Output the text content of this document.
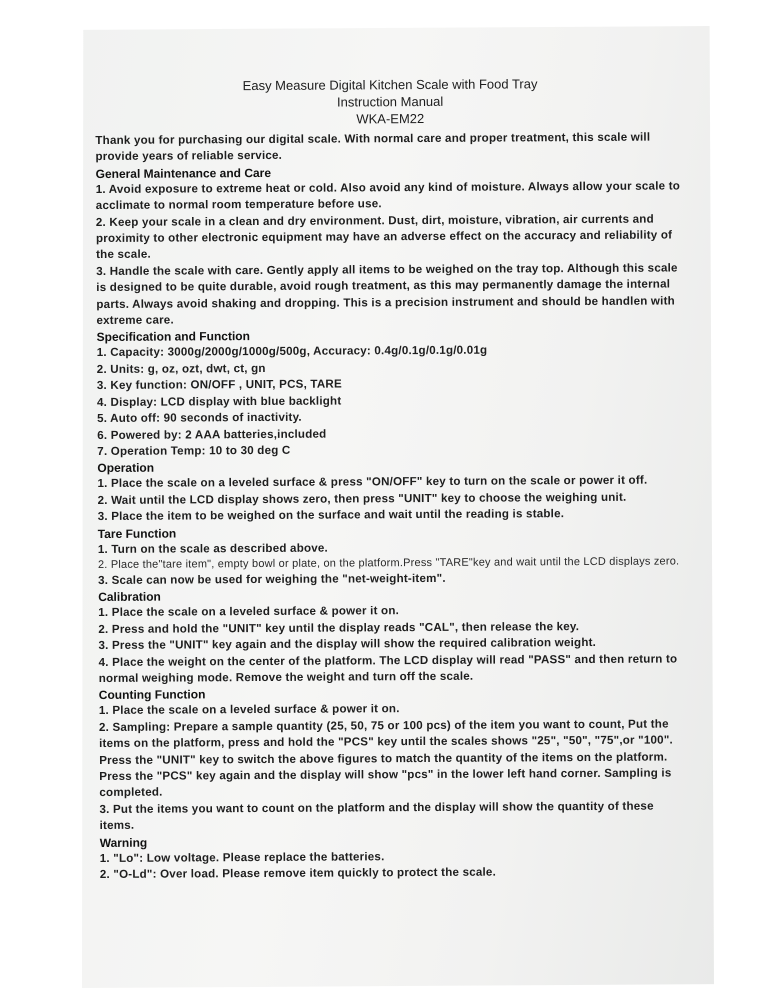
Easy Measure Digital Kitchen Scale with Food Tray
Instruction Manual
WKA-EM22

Thank you for purchasing our digital scale. With normal care and proper treatment, this scale will provide years of reliable service.

General Maintenance and Care

1. Avoid exposure to extreme heat or cold. Also avoid any kind of moisture. Always allow your scale to acclimate to normal room temperature before use.

2. Keep your scale in a clean and dry environment. Dust, dirt, moisture, vibration, air currents and proximity to other electronic equipment may have an adverse effect on the accuracy and reliability of the scale.

3. Handle the scale with care. Gently apply all items to be weighed on the tray top. Although this scale is designed to be quite durable, avoid rough treatment, as this may permanently damage the internal parts. Always avoid shaking and dropping. This is a precision instrument and should be handlen with extreme care.

Specification and Function

1. Capacity: 3000g/2000g/1000g/500g, Accuracy: 0.4g/0.1g/0.1g/0.01g

2. Units: g, oz, ozt, dwt, ct, gn

3. Key function: ON/OFF , UNIT, PCS, TARE

4. Display: LCD display with blue backlight

5. Auto off: 90 seconds of inactivity.

6. Powered by: 2 AAA batteries,included

7. Operation Temp: 10 to 30 deg C

Operation

1. Place the scale on a leveled surface & press "ON/OFF" key to turn on the scale or power it off.

2. Wait until the LCD display shows zero, then press "UNIT" key to choose the weighing unit.

3. Place the item to be weighed on the surface and wait until the reading is stable.

Tare Function

1. Turn on the scale as described above.

2. Place the"tare item", empty bowl or plate, on the platform.Press "TARE"key and wait until the LCD displays zero.

3. Scale can now be used for weighing the "net-weight-item".

Calibration

1. Place the scale on a leveled surface & power it on.

2. Press and hold the "UNIT" key until the display reads "CAL", then release the key.

3. Press the "UNIT" key again and the display will show the required calibration weight.

4. Place the weight on the center of the platform. The LCD display will read "PASS" and then return to normal weighing mode. Remove the weight and turn off the scale.

Counting Function

1. Place the scale on a leveled surface & power it on.

2. Sampling: Prepare a sample quantity (25, 50, 75 or 100 pcs) of the item you want to count, Put the items on the platform, press and hold the "PCS" key until the scales shows "25", "50", "75",or "100". Press the "UNIT" key to switch the above figures to match the quantity of the items on the platform. Press the "PCS" key again and the display will show "pcs" in the lower left hand corner. Sampling is completed.

3. Put the items you want to count on the platform and the display will show the quantity of these items.

Warning

1. "Lo": Low voltage. Please replace the batteries.

2. "O-Ld": Over load. Please remove item quickly to protect the scale.
